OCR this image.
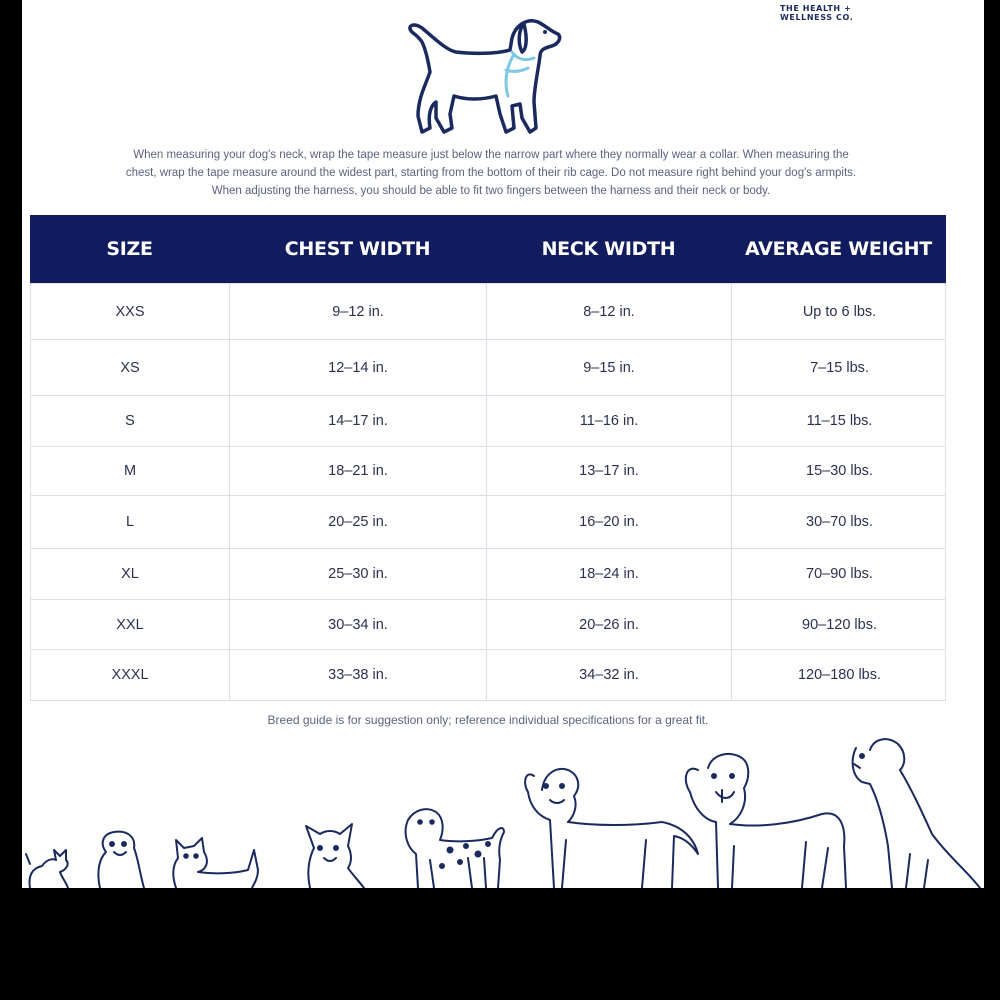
THE HEALTH +
WELLNESS CO.
When measuring your dog's neck, wrap the tape measure just below the narrow part where they normally wear a collar. When measuring the
chest, wrap the tape measure around the widest part, starting from the bottom of their rib cage. Do not measure right behind your dog's armpits.
When adjusting the harness, you should be able to fit two fingers between the harness and their neck or body.
SIZE	CHEST WIDTH	NECK WIDTH	AVERAGE WEIGHT
XXS	9–12 in.	8–12 in.	Up to 6 lbs.
XS	12–14 in.	9–15 in.	7–15 lbs.
S	14–17 in.	11–16 in.	11–15 lbs.
M	18–21 in.	13–17 in.	15–30 lbs.
L	20–25 in.	16–20 in.	30–70 lbs.
XL	25–30 in.	18–24 in.	70–90 lbs.
XXL	30–34 in.	20–26 in.	90–120 lbs.
XXXL	33–38 in.	34–32 in.	120–180 lbs.

Breed guide is for suggestion only; reference individual specifications for a great fit.
